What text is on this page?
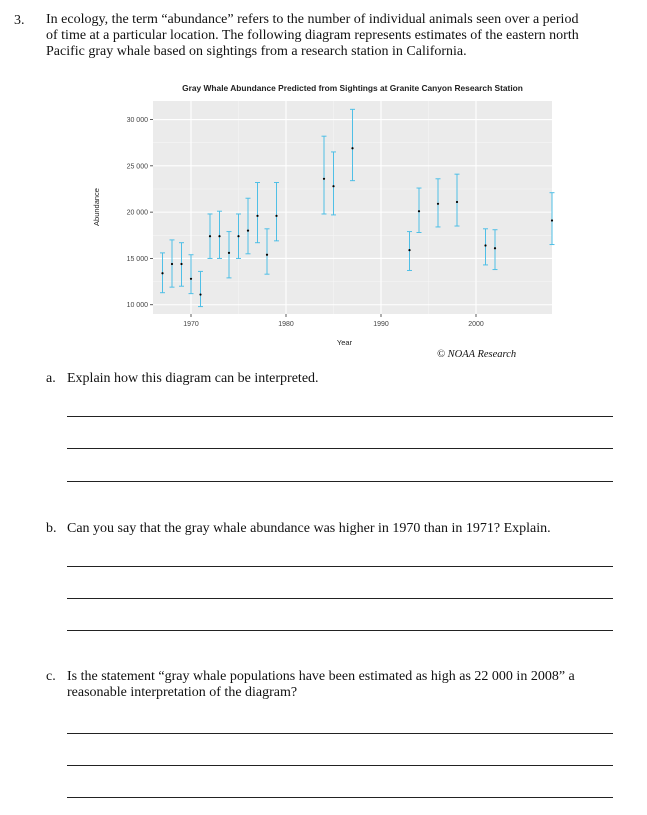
3. In ecology, the term “abundance” refers to the number of individual animals seen over a period
of time at a particular location. The following diagram represents estimates of the eastern north
Pacific gray whale based on sightings from a research station in California.
Gray Whale Abundance Predicted from Sightings at Granite Canyon Research Station
10 000
15 000
20 000
25 000
30 000
1970	1980	1990	2000
Year
Abundance
© NOAA Research
a. Explain how this diagram can be interpreted.
b. Can you say that the gray whale abundance was higher in 1970 than in 1971? Explain.
c. Is the statement “gray whale populations have been estimated as high as 22 000 in 2008” a
reasonable interpretation of the diagram?
